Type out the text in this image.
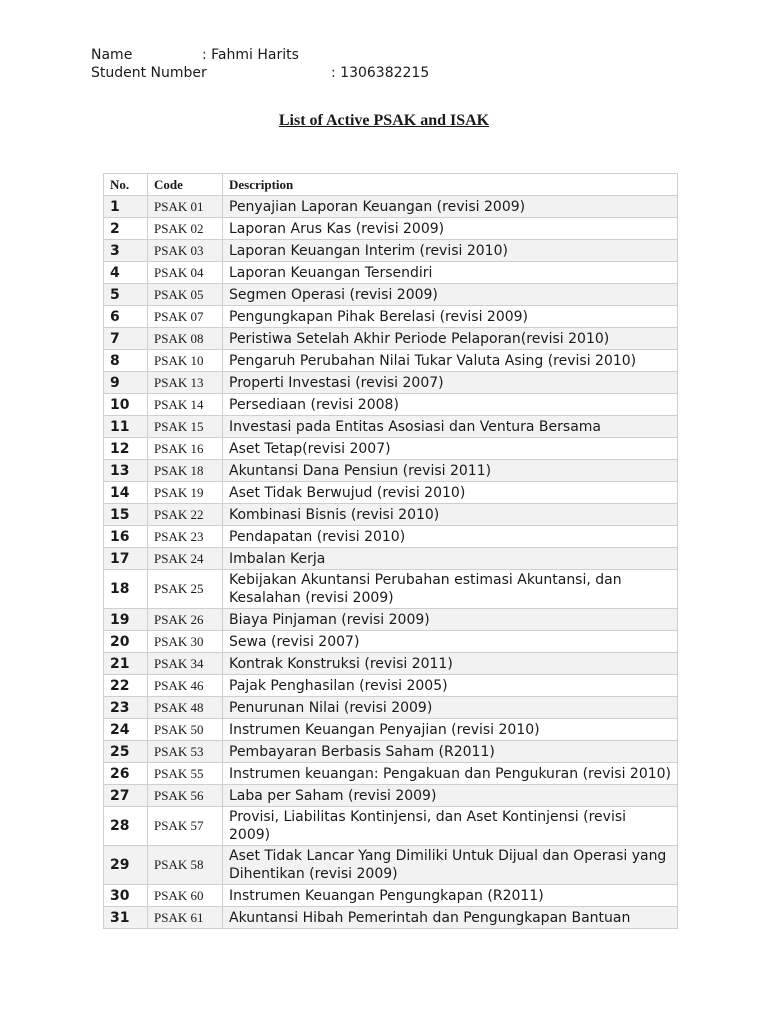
Name	: Fahmi Harits
Student Number	: 1306382215
List of Active PSAK and ISAK
No.	Code	Description
1	PSAK 01	Penyajian Laporan Keuangan (revisi 2009)
2	PSAK 02	Laporan Arus Kas (revisi 2009)
3	PSAK 03	Laporan Keuangan Interim (revisi 2010)
4	PSAK 04	Laporan Keuangan Tersendiri
5	PSAK 05	Segmen Operasi (revisi 2009)
6	PSAK 07	Pengungkapan Pihak Berelasi (revisi 2009)
7	PSAK 08	Peristiwa Setelah Akhir Periode Pelaporan(revisi 2010)
8	PSAK 10	Pengaruh Perubahan Nilai Tukar Valuta Asing (revisi 2010)
9	PSAK 13	Properti Investasi (revisi 2007)
10	PSAK 14	Persediaan (revisi 2008)
11	PSAK 15	Investasi pada Entitas Asosiasi dan Ventura Bersama
12	PSAK 16	Aset Tetap(revisi 2007)
13	PSAK 18	Akuntansi Dana Pensiun (revisi 2011)
14	PSAK 19	Aset Tidak Berwujud (revisi 2010)
15	PSAK 22	Kombinasi Bisnis (revisi 2010)
16	PSAK 23	Pendapatan (revisi 2010)
17	PSAK 24	Imbalan Kerja
18	PSAK 25	Kebijakan Akuntansi Perubahan estimasi Akuntansi, dan Kesalahan (revisi 2009)
19	PSAK 26	Biaya Pinjaman (revisi 2009)
20	PSAK 30	Sewa (revisi 2007)
21	PSAK 34	Kontrak Konstruksi (revisi 2011)
22	PSAK 46	Pajak Penghasilan (revisi 2005)
23	PSAK 48	Penurunan Nilai (revisi 2009)
24	PSAK 50	Instrumen Keuangan Penyajian (revisi 2010)
25	PSAK 53	Pembayaran Berbasis Saham (R2011)
26	PSAK 55	Instrumen keuangan: Pengakuan dan Pengukuran (revisi 2010)
27	PSAK 56	Laba per Saham (revisi 2009)
28	PSAK 57	Provisi, Liabilitas Kontinjensi, dan Aset Kontinjensi (revisi 2009)
29	PSAK 58	Aset Tidak Lancar Yang Dimiliki Untuk Dijual dan Operasi yang Dihentikan (revisi 2009)
30	PSAK 60	Instrumen Keuangan Pengungkapan (R2011)
31	PSAK 61	Akuntansi Hibah Pemerintah dan Pengungkapan Bantuan
